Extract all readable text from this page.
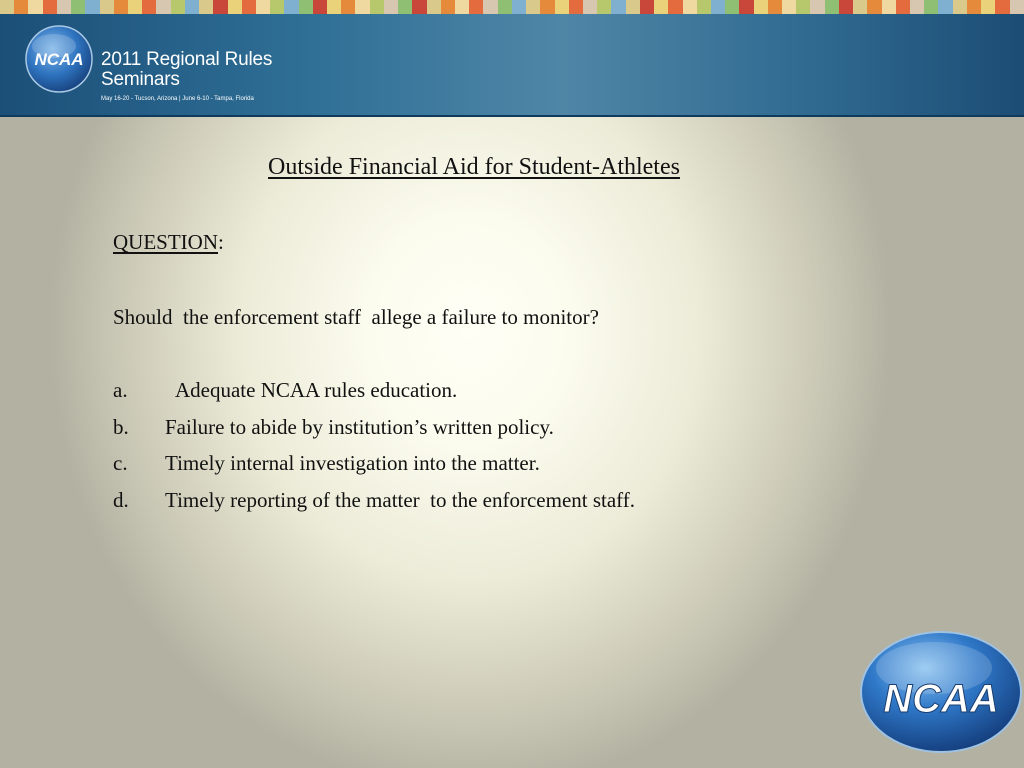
NCAA 2011 Regional Rules
Seminars
May 16-20 - Tucson, Arizona | June 6-10 - Tampa, Florida
Outside Financial Aid for Student-Athletes
QUESTION:
Should  the enforcement staff  allege a failure to monitor?
a.	Adequate NCAA rules education.
b.	Failure to abide by institution’s written policy.
c.	Timely internal investigation into the matter.
d.	Timely reporting of the matter  to the enforcement staff.
NCAA
